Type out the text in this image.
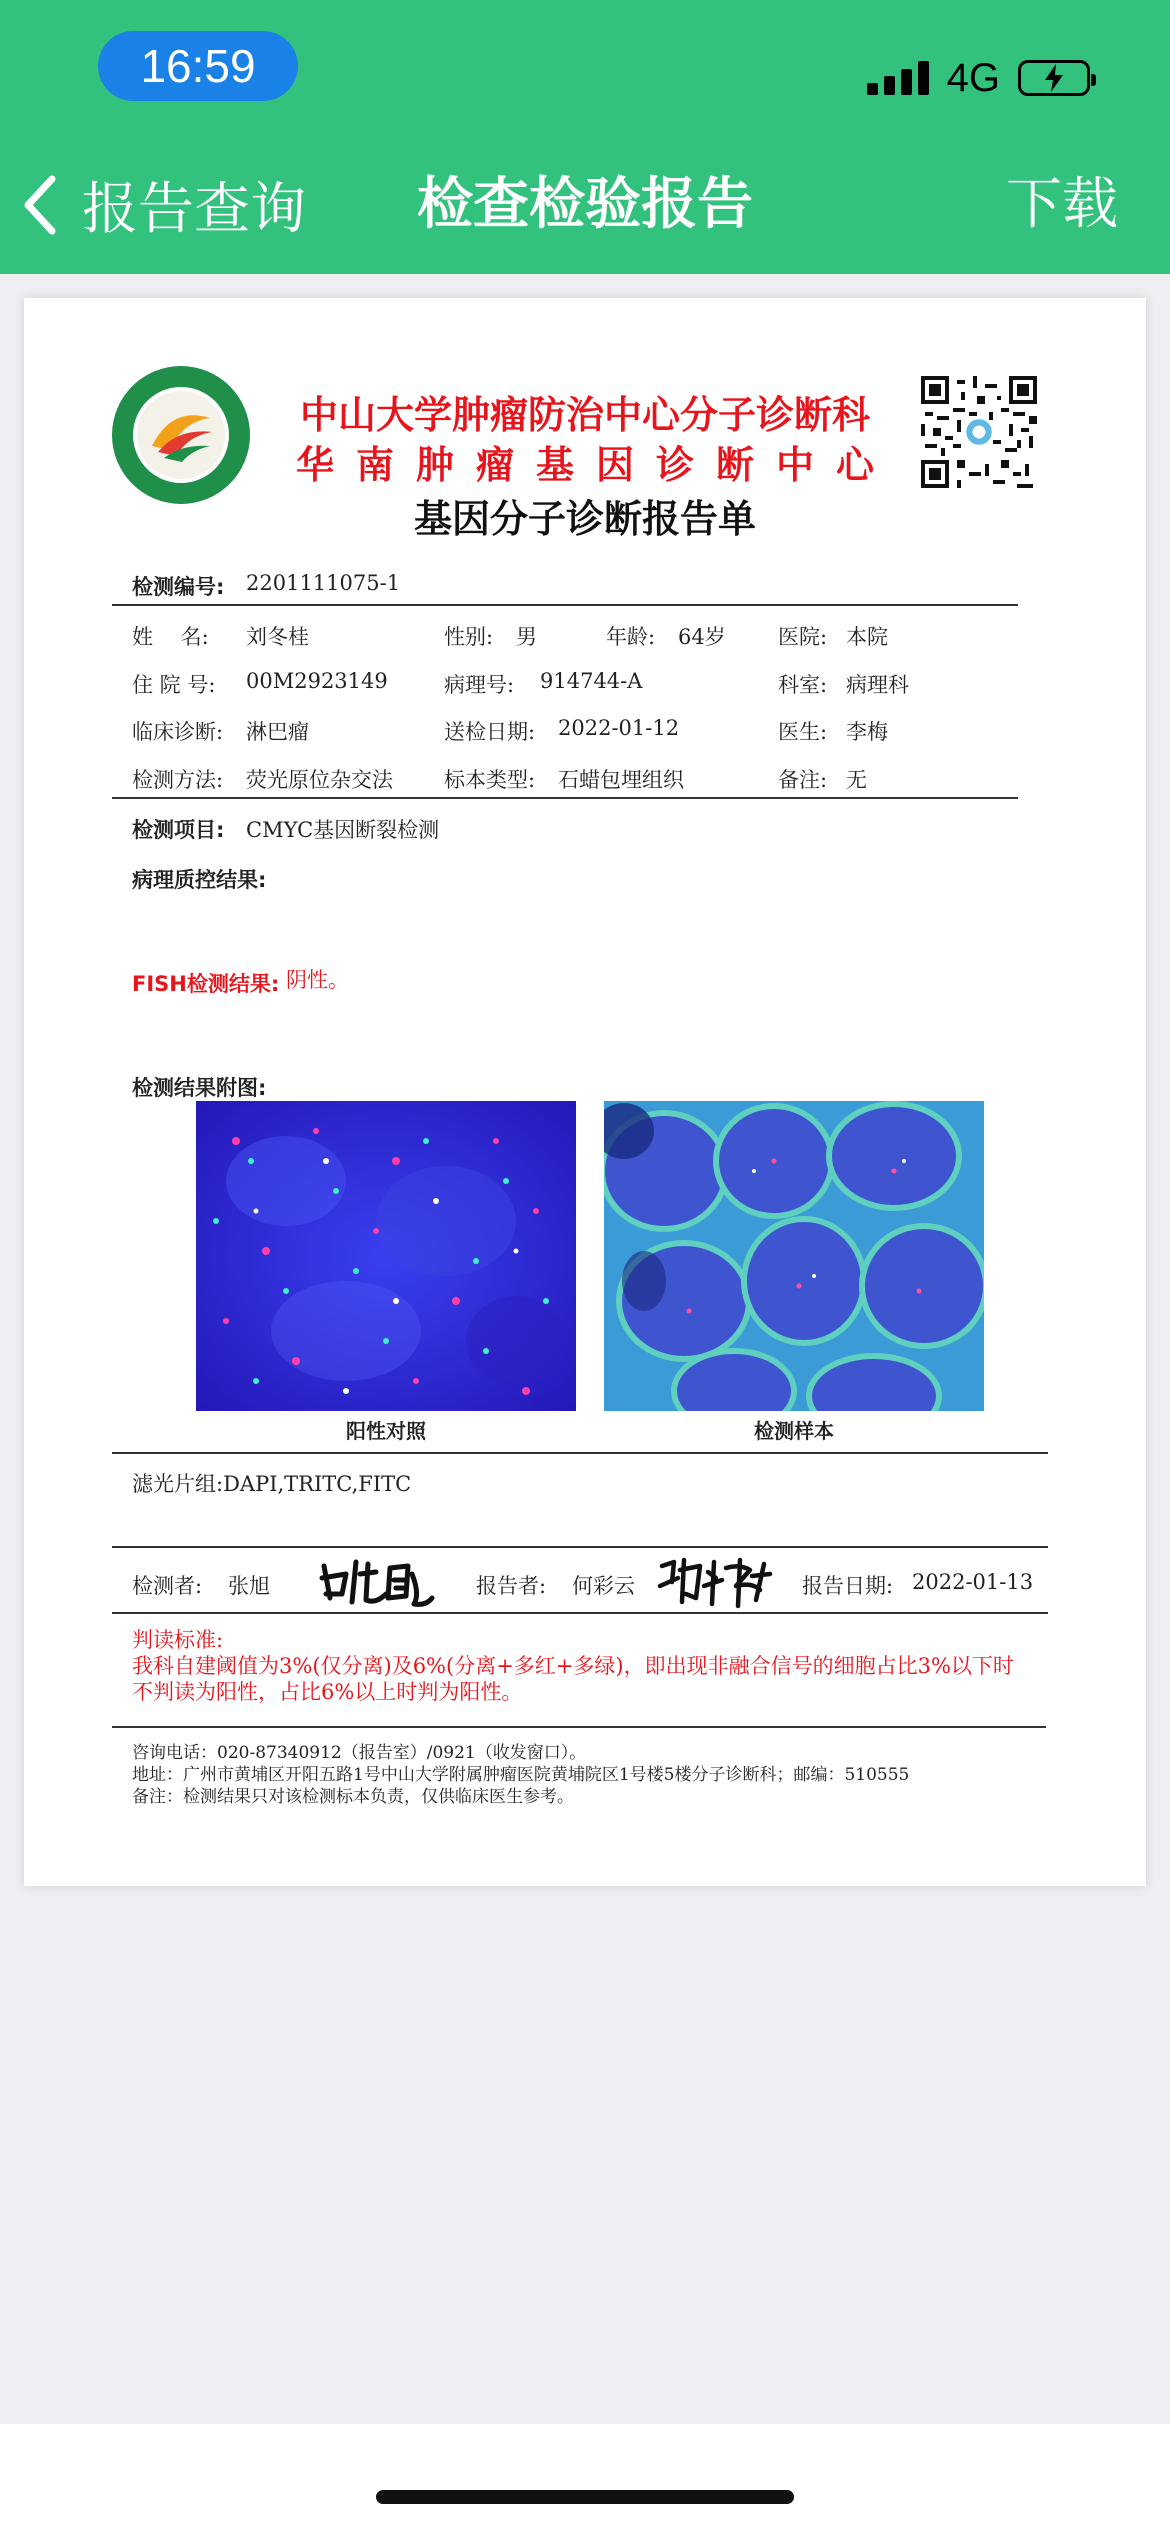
16:59	4G
报告查询	检查检验报告	下载
中山大学肿瘤防治中心分子诊断科
华南肿瘤基因诊断中心
基因分子诊断报告单
检测编号: 2201111075-1
姓　 名: 刘冬桂	性别: 男	年龄: 64岁 医院: 本院
住 院 号: 00M2923149	病理号: 914744-A	科室: 病理科
临床诊断: 淋巴瘤	送检日期: 2022-01-12	医生: 李梅
检测方法: 荧光原位杂交法 标本类型: 石蜡包埋组织	备注: 无
检测项目: CMYC基因断裂检测
病理质控结果:
FISH检测结果: 阴性。
检测结果附图:
阳性对照	检测样本
滤光片组:DAPI,TRITC,FITC
检测者: 张旭	报告者: 何彩云	报告日期: 2022-01-13
判读标准:
我科自建阈值为3%(仅分离)及6%(分离+多红+多绿)，即出现非融合信号的细胞占比3%以下时
不判读为阳性，占比6%以上时判为阳性。
咨询电话：020-87340912（报告室）/0921（收发窗口）。
地址：广州市黄埔区开阳五路1号中山大学附属肿瘤医院黄埔院区1号楼5楼分子诊断科；邮编：510555
备注：检测结果只对该检测标本负责，仅供临床医生参考。
